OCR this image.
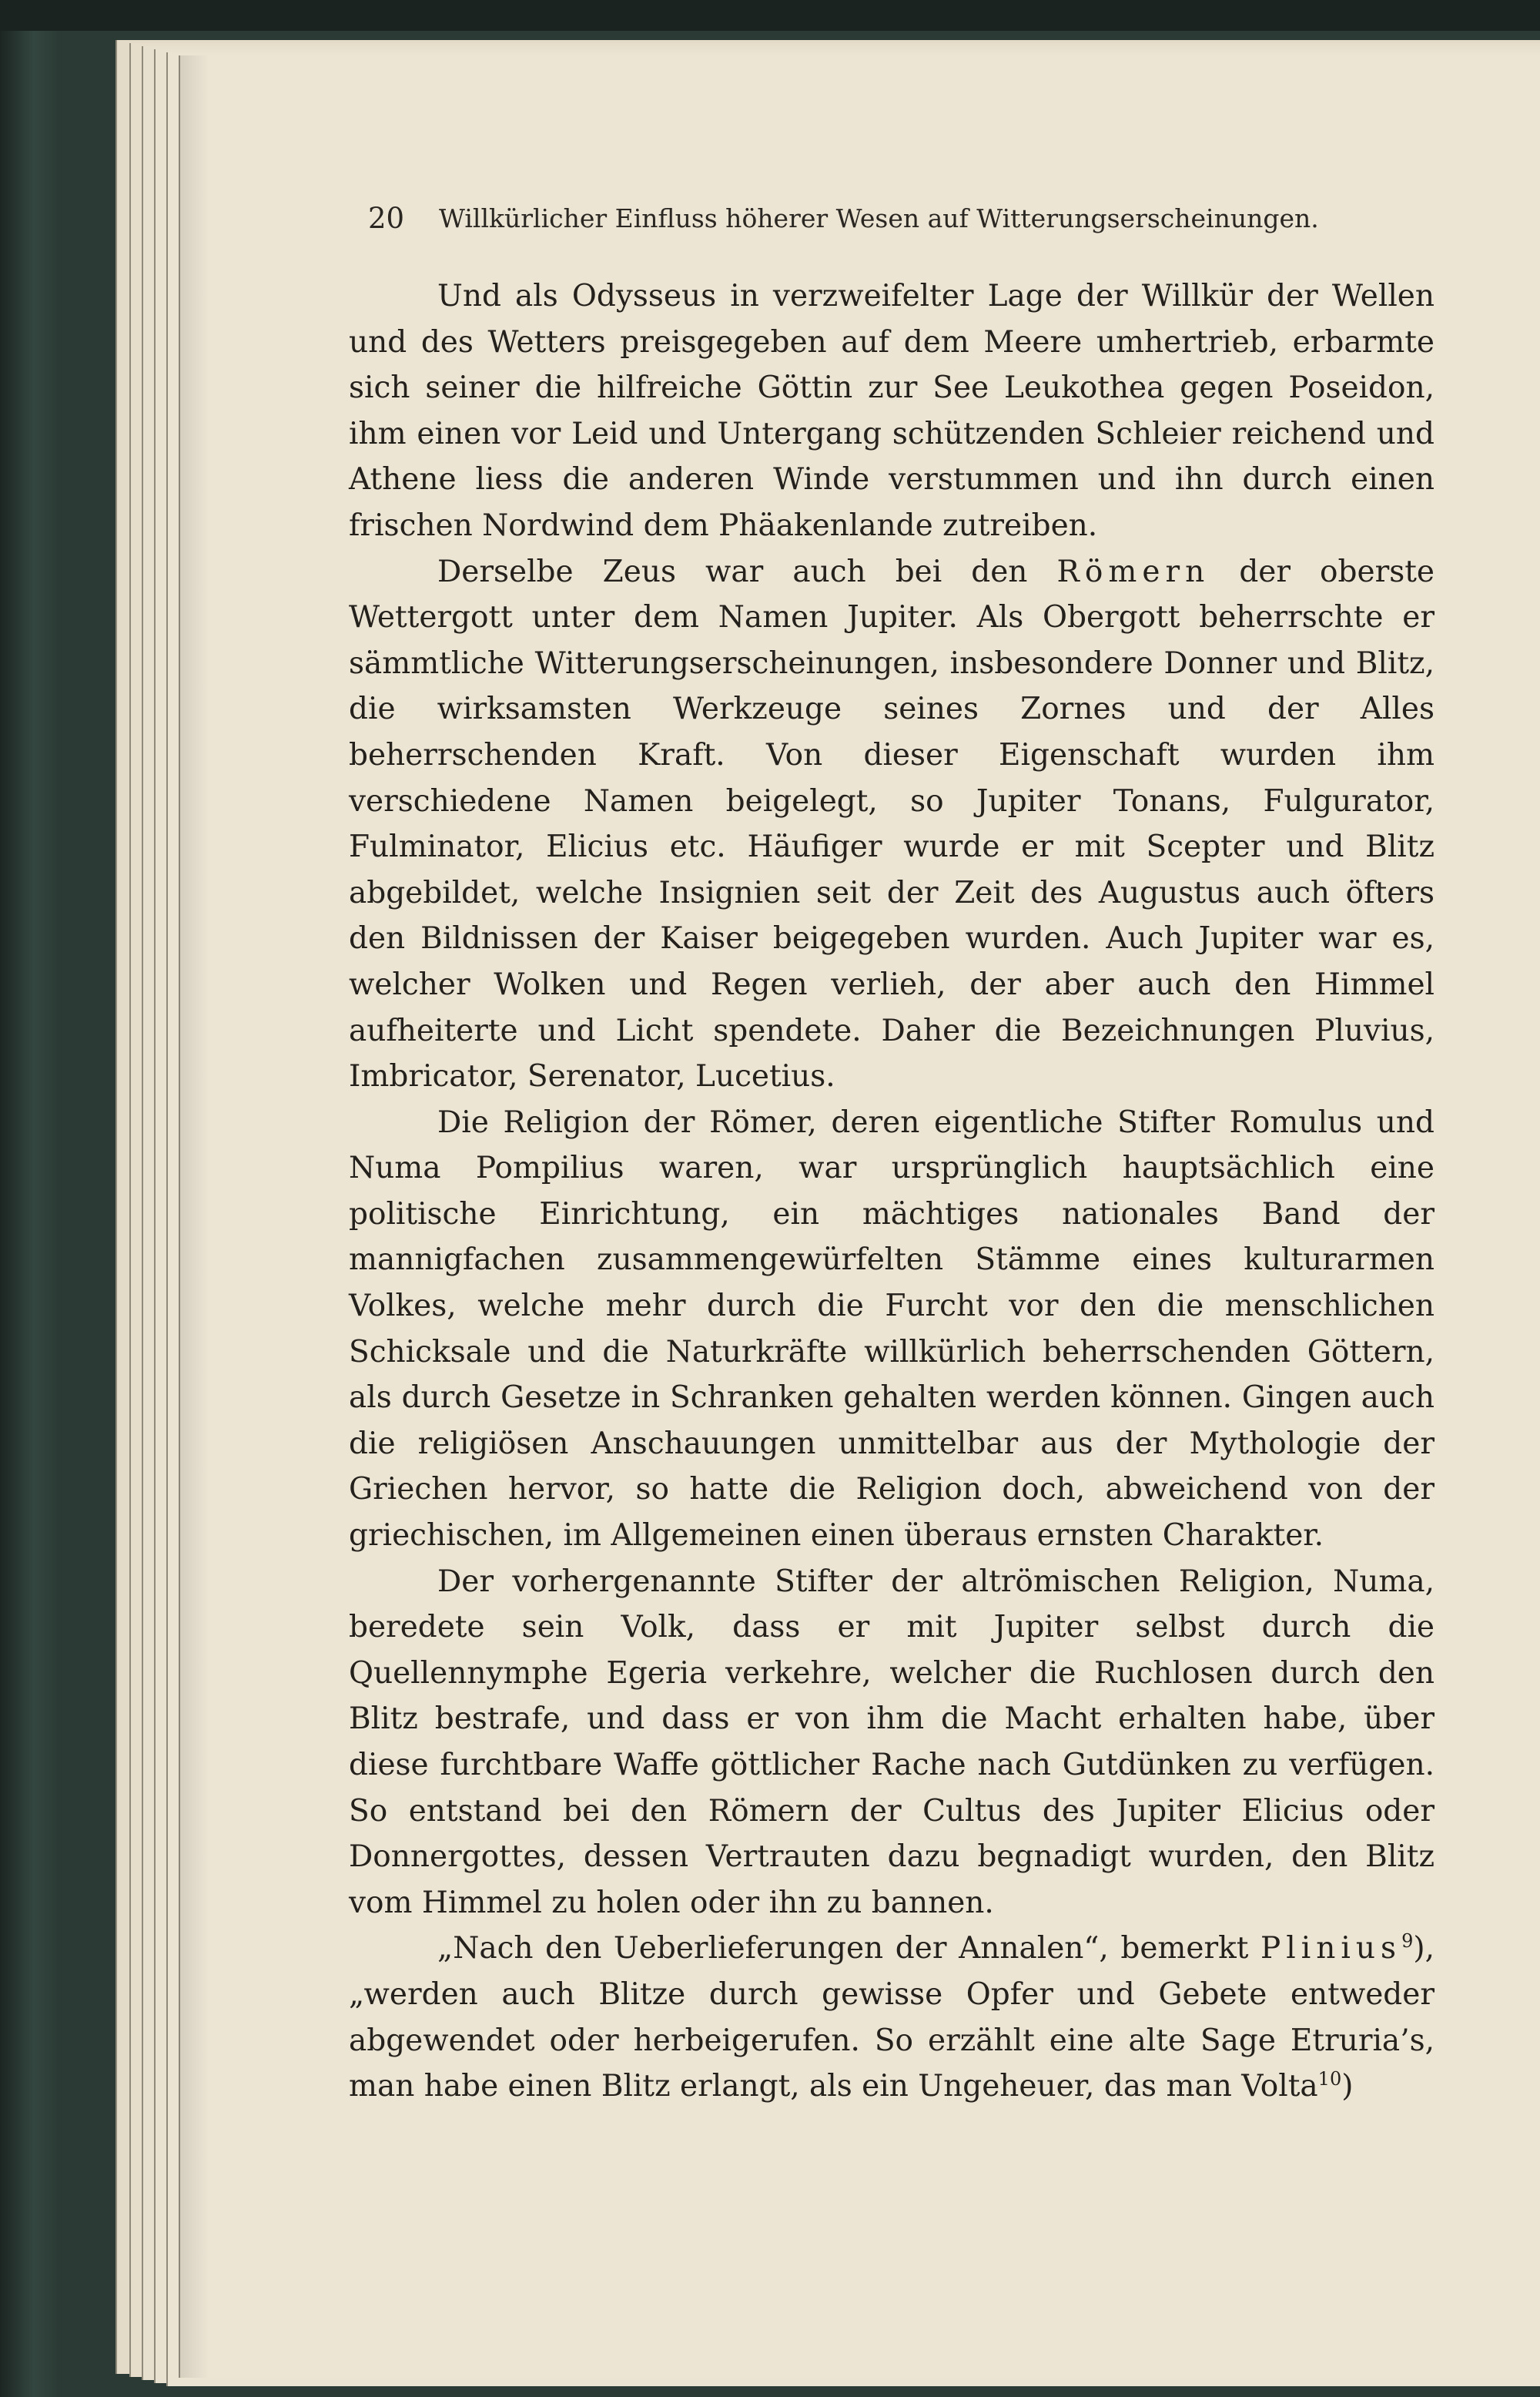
20 Willkürlicher Einfluss höherer Wesen auf Witterungserscheinungen.

Und als Odysseus in verzweifelter Lage der Willkür der Wellen und des Wetters preisgegeben auf dem Meere umhertrieb, erbarmte sich seiner die hilfreiche Göttin zur See Leukothea gegen Poseidon, ihm einen vor Leid und Untergang schützenden Schleier reichend und Athene liess die anderen Winde verstummen und ihn durch einen frischen Nordwind dem Phäakenlande zutreiben.

Derselbe Zeus war auch bei den Römern der oberste Wettergott unter dem Namen Jupiter. Als Obergott beherrschte er sämmtliche Witterungserscheinungen, insbesondere Donner und Blitz, die wirksamsten Werkzeuge seines Zornes und der Alles beherrschenden Kraft. Von dieser Eigenschaft wurden ihm verschiedene Namen beigelegt, so Jupiter Tonans, Fulgurator, Fulminator, Elicius etc. Häufiger wurde er mit Scepter und Blitz abgebildet, welche Insignien seit der Zeit des Augustus auch öfters den Bildnissen der Kaiser beigegeben wurden. Auch Jupiter war es, welcher Wolken und Regen verlieh, der aber auch den Himmel aufheiterte und Licht spendete. Daher die Bezeichnungen Pluvius, Imbricator, Serenator, Lucetius.

Die Religion der Römer, deren eigentliche Stifter Romulus und Numa Pompilius waren, war ursprünglich hauptsächlich eine politische Einrichtung, ein mächtiges nationales Band der mannigfachen zusammengewürfelten Stämme eines kulturarmen Volkes, welche mehr durch die Furcht vor den die menschlichen Schicksale und die Naturkräfte willkürlich beherrschenden Göttern, als durch Gesetze in Schranken gehalten werden können. Gingen auch die religiösen Anschauungen unmittelbar aus der Mythologie der Griechen hervor, so hatte die Religion doch, abweichend von der griechischen, im Allgemeinen einen überaus ernsten Charakter.

Der vorhergenannte Stifter der altrömischen Religion, Numa, beredete sein Volk, dass er mit Jupiter selbst durch die Quellennymphe Egeria verkehre, welcher die Ruchlosen durch den Blitz bestrafe, und dass er von ihm die Macht erhalten habe, über diese furchtbare Waffe göttlicher Rache nach Gutdünken zu verfügen. So entstand bei den Römern der Cultus des Jupiter Elicius oder Donnergottes, dessen Vertrauten dazu begnadigt wurden, den Blitz vom Himmel zu holen oder ihn zu bannen.

„Nach den Ueberlieferungen der Annalen“, bemerkt Plinius$^9$), „werden auch Blitze durch gewisse Opfer und Gebete entweder abgewendet oder herbeigerufen. So erzählt eine alte Sage Etruria’s, man habe einen Blitz erlangt, als ein Ungeheuer, das man Volta$^{10}$)
